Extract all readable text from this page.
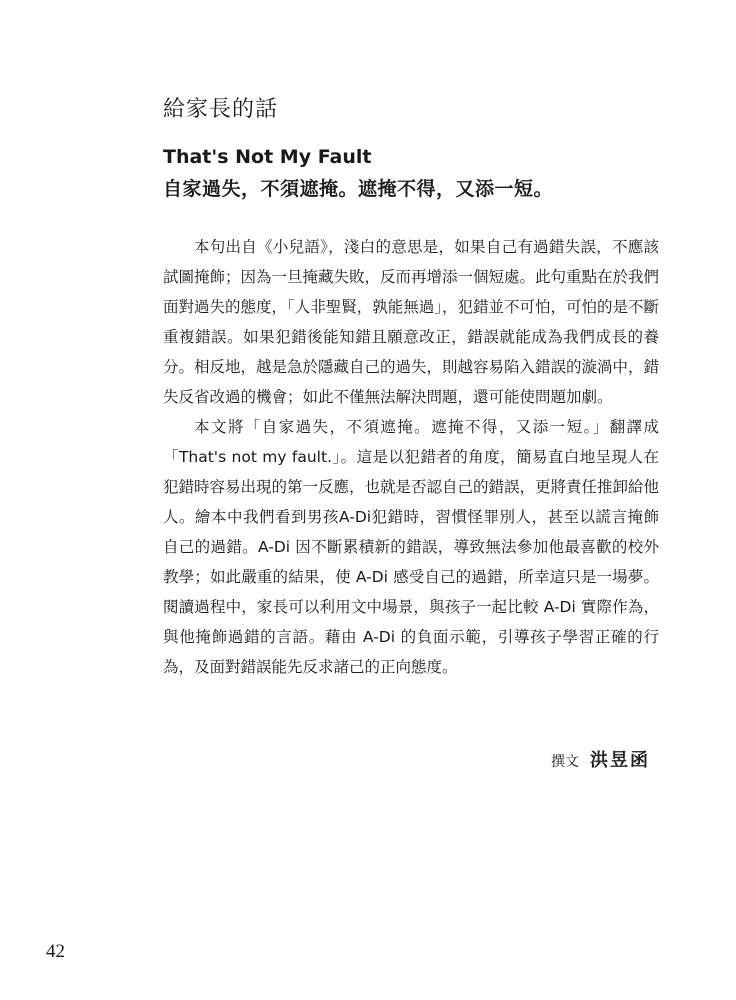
給家長的話
That's Not My Fault
自家過失，不須遮掩。遮掩不得，又添一短。

本句出自《小兒語》，淺白的意思是，如果自己有過錯失誤，不應該試圖掩飾；因為一旦掩藏失敗，反而再增添一個短處。此句重點在於我們面對過失的態度，「人非聖賢，孰能無過」，犯錯並不可怕，可怕的是不斷重複錯誤。如果犯錯後能知錯且願意改正，錯誤就能成為我們成長的養分。相反地，越是急於隱藏自己的過失，則越容易陷入錯誤的漩渦中，錯失反省改過的機會；如此不僅無法解決問題，還可能使問題加劇。

本文將「自家過失，不須遮掩。遮掩不得，又添一短。」翻譯成「That's not my fault.」。這是以犯錯者的角度，簡易直白地呈現人在犯錯時容易出現的第一反應，也就是否認自己的錯誤，更將責任推卸給他人。繪本中我們看到男孩A-Di犯錯時，習慣怪罪別人，甚至以謊言掩飾自己的過錯。A-Di 因不斷累積新的錯誤，導致無法參加他最喜歡的校外教學；如此嚴重的結果，使 A-Di 感受自己的過錯，所幸這只是一場夢。閱讀過程中，家長可以利用文中場景，與孩子一起比較 A-Di 實際作為，與他掩飾過錯的言語。藉由 A-Di 的負面示範，引導孩子學習正確的行為，及面對錯誤能先反求諸己的正向態度。

撰文 洪昱函
42
